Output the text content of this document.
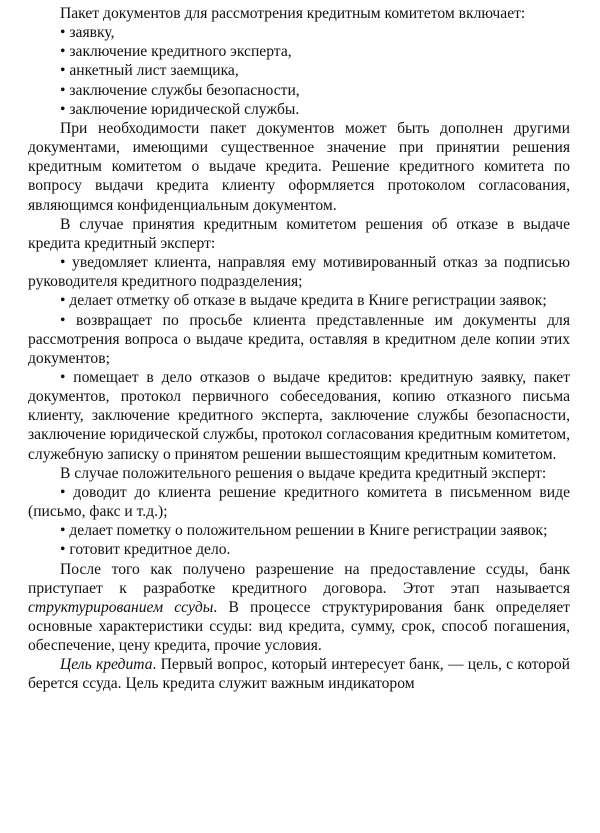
Пакет документов для рассмотрения кредитным комитетом включает:

• заявку,
• заключение кредитного эксперта,
• анкетный лист заемщика,
• заключение службы безопасности,
• заключение юридической службы.

При необходимости пакет документов может быть дополнен другими документами, имеющими существенное значение при принятии решения кредитным комитетом о выдаче кредита. Решение кредитного комитета по вопросу выдачи кредита клиенту оформляется протоколом согласования, являющимся конфиденциальным документом.

В случае принятия кредитным комитетом решения об отказе в выдаче кредита кредитный эксперт:

• уведомляет клиента, направляя ему мотивированный отказ за подписью руководителя кредитного подразделения;

• делает отметку об отказе в выдаче кредита в Книге регистрации заявок;

• возвращает по просьбе клиента представленные им документы для рассмотрения вопроса о выдаче кредита, оставляя в кредитном деле копии этих документов;

• помещает в дело отказов о выдаче кредитов: кредитную заявку, пакет документов, протокол первичного собеседования, копию отказного письма клиенту, заключение кредитного эксперта, заключение службы безопасности, заключение юридической службы, протокол согласования кредитным комитетом, служебную записку о принятом решении вышестоящим кредитным комитетом.

В случае положительного решения о выдаче кредита кредитный эксперт:

• доводит до клиента решение кредитного комитета в письменном виде (письмо, факс и т.д.);

• делает пометку о положительном решении в Книге регистрации заявок;

• готовит кредитное дело.

После того как получено разрешение на предоставление ссуды, банк приступает к разработке кредитного договора. Этот этап называется структурированием ссуды. В процессе структурирования банк определяет основные характеристики ссуды: вид кредита, сумму, срок, способ погашения, обеспечение, цену кредита, прочие условия.

Цель кредита. Первый вопрос, который интересует банк, — цель, с которой берется ссуда. Цель кредита служит важным индикатором
